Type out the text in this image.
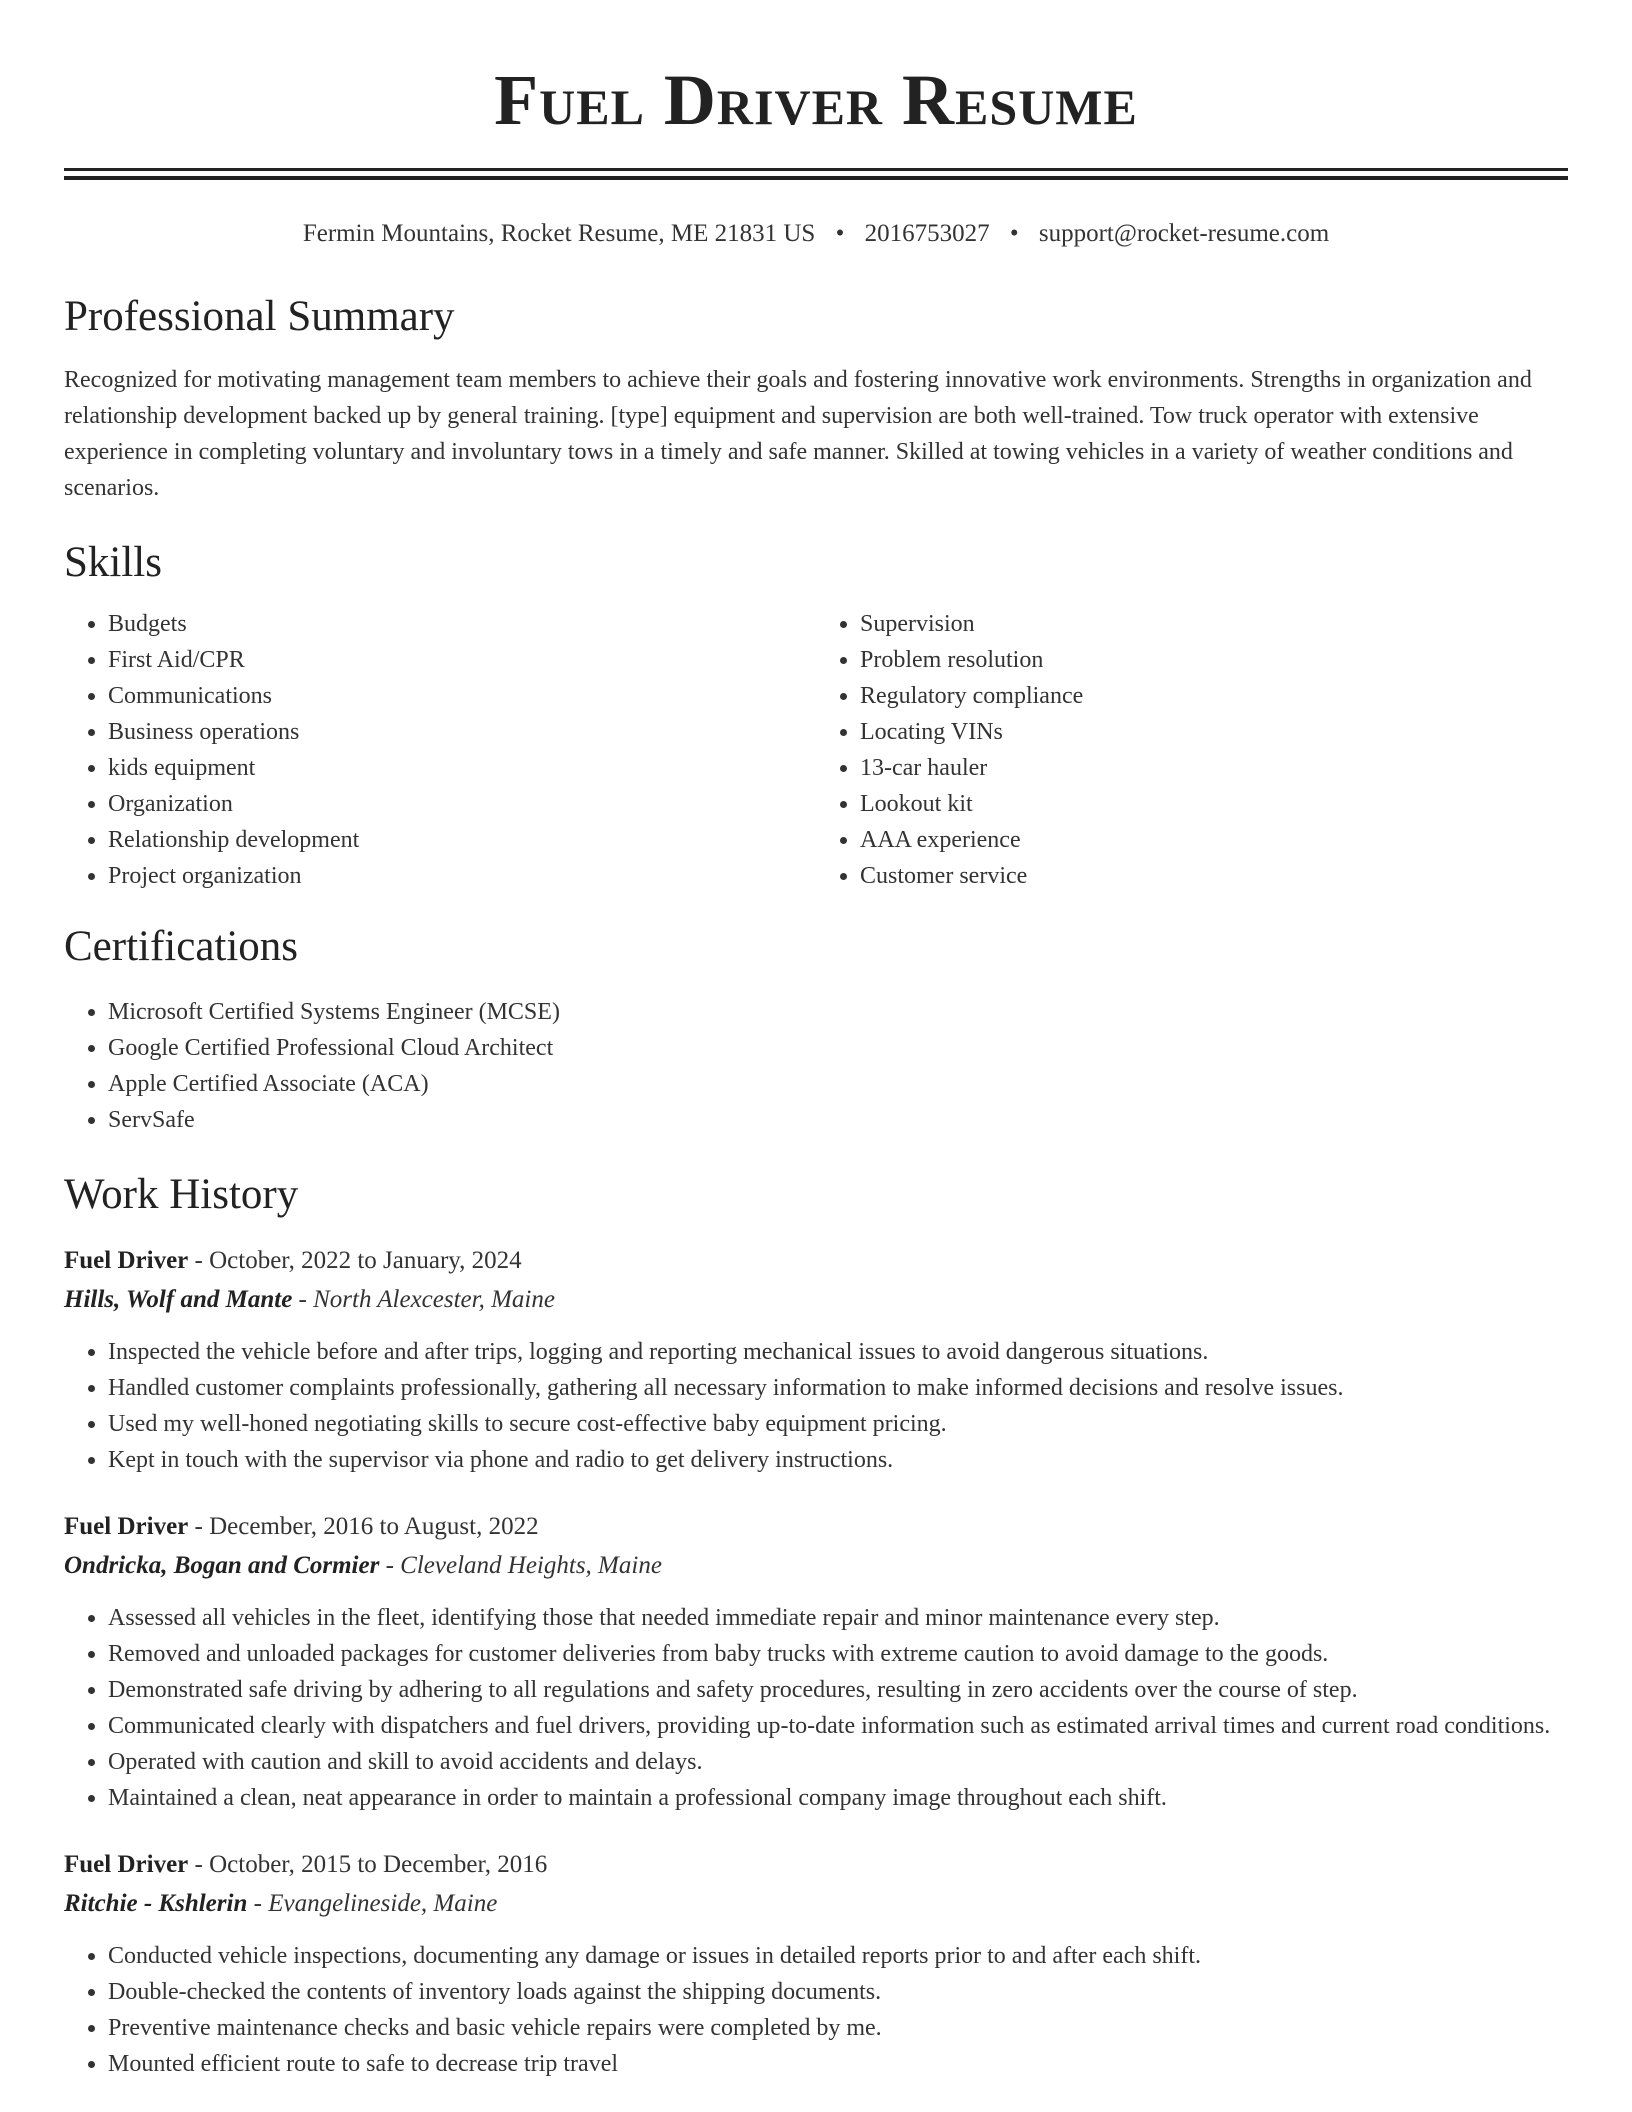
Fuel Driver Resume
Fermin Mountains, Rocket Resume, ME 21831 US • 2016753027 • support@rocket-resume.com
Professional Summary
Recognized for motivating management team members to achieve their goals and fostering innovative work environments. Strengths in organization and relationship development backed up by general training. [type] equipment and supervision are both well-trained. Tow truck operator with extensive experience in completing voluntary and involuntary tows in a timely and safe manner. Skilled at towing vehicles in a variety of weather conditions and scenarios.
Skills
• Budgets
• First Aid/CPR
• Communications
• Business operations
• kids equipment
• Organization
• Relationship development
• Project organization
• Supervision
• Problem resolution
• Regulatory compliance
• Locating VINs
• 13-car hauler
• Lookout kit
• AAA experience
• Customer service
Certifications
• Microsoft Certified Systems Engineer (MCSE)
• Google Certified Professional Cloud Architect
• Apple Certified Associate (ACA)
• ServSafe
Work History
Fuel Driver - October, 2022 to January, 2024
Hills, Wolf and Mante - North Alexcester, Maine
• Inspected the vehicle before and after trips, logging and reporting mechanical issues to avoid dangerous situations.
• Handled customer complaints professionally, gathering all necessary information to make informed decisions and resolve issues.
• Used my well-honed negotiating skills to secure cost-effective baby equipment pricing.
• Kept in touch with the supervisor via phone and radio to get delivery instructions.
Fuel Driver - December, 2016 to August, 2022
Ondricka, Bogan and Cormier - Cleveland Heights, Maine
• Assessed all vehicles in the fleet, identifying those that needed immediate repair and minor maintenance every step.
• Removed and unloaded packages for customer deliveries from baby trucks with extreme caution to avoid damage to the goods.
• Demonstrated safe driving by adhering to all regulations and safety procedures, resulting in zero accidents over the course of step.
• Communicated clearly with dispatchers and fuel drivers, providing up-to-date information such as estimated arrival times and current road conditions.
• Operated with caution and skill to avoid accidents and delays.
• Maintained a clean, neat appearance in order to maintain a professional company image throughout each shift.
Fuel Driver - October, 2015 to December, 2016
Ritchie - Kshlerin - Evangelineside, Maine
• Conducted vehicle inspections, documenting any damage or issues in detailed reports prior to and after each shift.
• Double-checked the contents of inventory loads against the shipping documents.
• Preventive maintenance checks and basic vehicle repairs were completed by me.
• Mounted efficient route to safe to decrease trip travel
